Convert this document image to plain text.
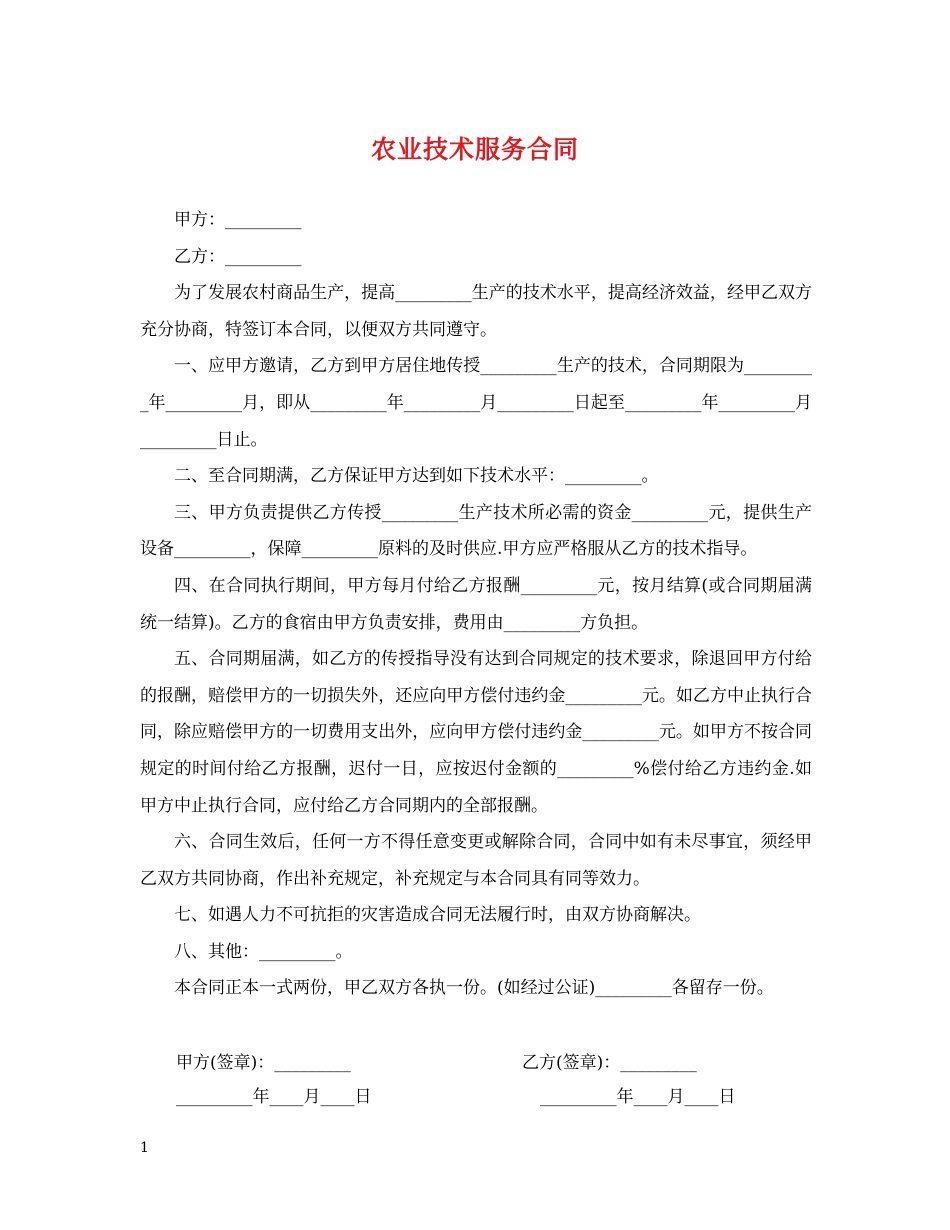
农业技术服务合同

甲方：_________

乙方：_________

为了发展农村商品生产，提高_________生产的技术水平，提高经济效益，经甲乙双方充分协商，特签订本合同，以便双方共同遵守。

一、应甲方邀请，乙方到甲方居住地传授_________生产的技术，合同期限为_________年_________月，即从_________年_________月_________日起至_________年_________月_________日止。

二、至合同期满，乙方保证甲方达到如下技术水平：_________。

三、甲方负责提供乙方传授_________生产技术所必需的资金_________元，提供生产设备_________，保障_________原料的及时供应.甲方应严格服从乙方的技术指导。

四、在合同执行期间，甲方每月付给乙方报酬_________元，按月结算(或合同期届满统一结算)。乙方的食宿由甲方负责安排，费用由_________方负担。

五、合同期届满，如乙方的传授指导没有达到合同规定的技术要求，除退回甲方付给的报酬，赔偿甲方的一切损失外，还应向甲方偿付违约金_________元。如乙方中止执行合同，除应赔偿甲方的一切费用支出外，应向甲方偿付违约金_________元。如甲方不按合同规定的时间付给乙方报酬，迟付一日，应按迟付金额的_________%偿付给乙方违约金.如甲方中止执行合同，应付给乙方合同期内的全部报酬。

六、合同生效后，任何一方不得任意变更或解除合同，合同中如有未尽事宜，须经甲乙双方共同协商，作出补充规定，补充规定与本合同具有同等效力。

七、如遇人力不可抗拒的灾害造成合同无法履行时，由双方协商解决。

八、其他：_________。

本合同正本一式两份，甲乙双方各执一份。(如经过公证)_________各留存一份。

甲方(签章)：_________	乙方(签章)：_________
_________年____月____日	_________年____月____日
1
